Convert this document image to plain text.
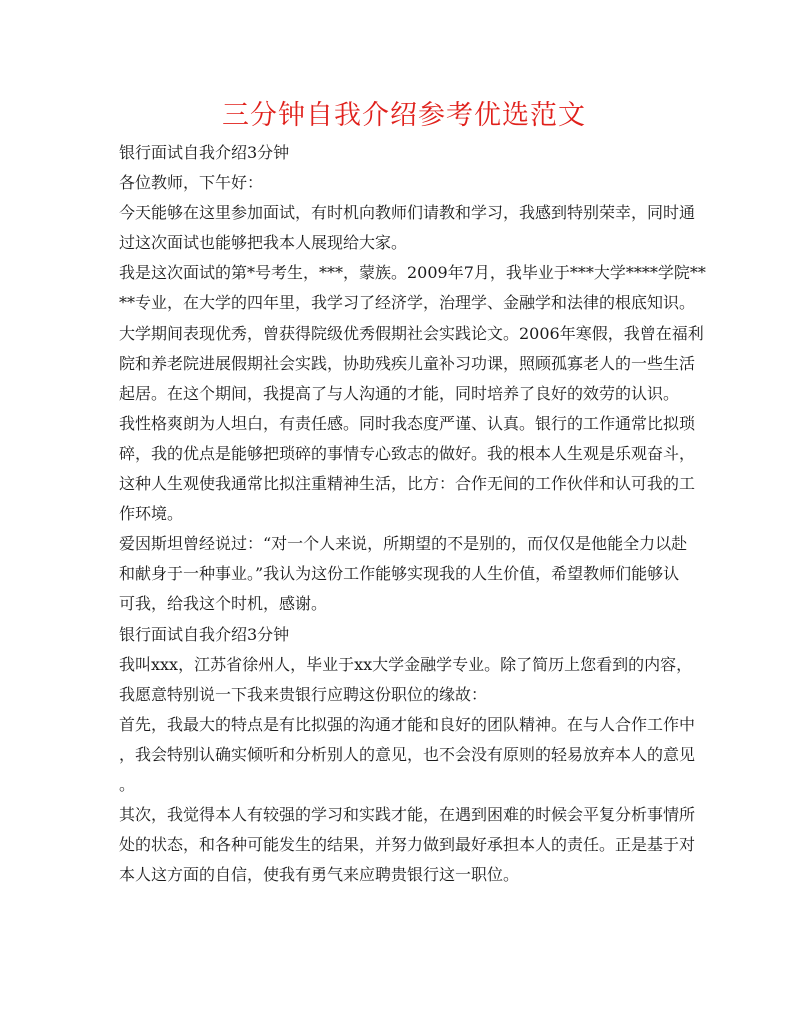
三分钟自我介绍参考优选范文

银行面试自我介绍3分钟

各位教师，下午好：

今天能够在这里参加面试，有时机向教师们请教和学习，我感到特别荣幸，同时通

过这次面试也能够把我本人展现给大家。

我是这次面试的第*号考生，***，蒙族。2009年7月，我毕业于***大学****学院**

**专业，在大学的四年里，我学习了经济学，治理学、金融学和法律的根底知识。

大学期间表现优秀，曾获得院级优秀假期社会实践论文。2006年寒假，我曾在福利

院和养老院进展假期社会实践，协助残疾儿童补习功课，照顾孤寡老人的一些生活

起居。在这个期间，我提高了与人沟通的才能，同时培养了良好的效劳的认识。

我性格爽朗为人坦白，有责任感。同时我态度严谨、认真。银行的工作通常比拟琐

碎，我的优点是能够把琐碎的事情专心致志的做好。我的根本人生观是乐观奋斗，

这种人生观使我通常比拟注重精神生活，比方：合作无间的工作伙伴和认可我的工

作环境。

爱因斯坦曾经说过：“对一个人来说，所期望的不是别的，而仅仅是他能全力以赴

和献身于一种事业。”我认为这份工作能够实现我的人生价值，希望教师们能够认

可我，给我这个时机，感谢。

银行面试自我介绍3分钟

我叫xxx，江苏省徐州人，毕业于xx大学金融学专业。除了简历上您看到的内容，

我愿意特别说一下我来贵银行应聘这份职位的缘故：

首先，我最大的特点是有比拟强的沟通才能和良好的团队精神。在与人合作工作中

，我会特别认确实倾听和分析别人的意见，也不会没有原则的轻易放弃本人的意见

。

其次，我觉得本人有较强的学习和实践才能，在遇到困难的时候会平复分析事情所

处的状态，和各种可能发生的结果，并努力做到最好承担本人的责任。正是基于对

本人这方面的自信，使我有勇气来应聘贵银行这一职位。
